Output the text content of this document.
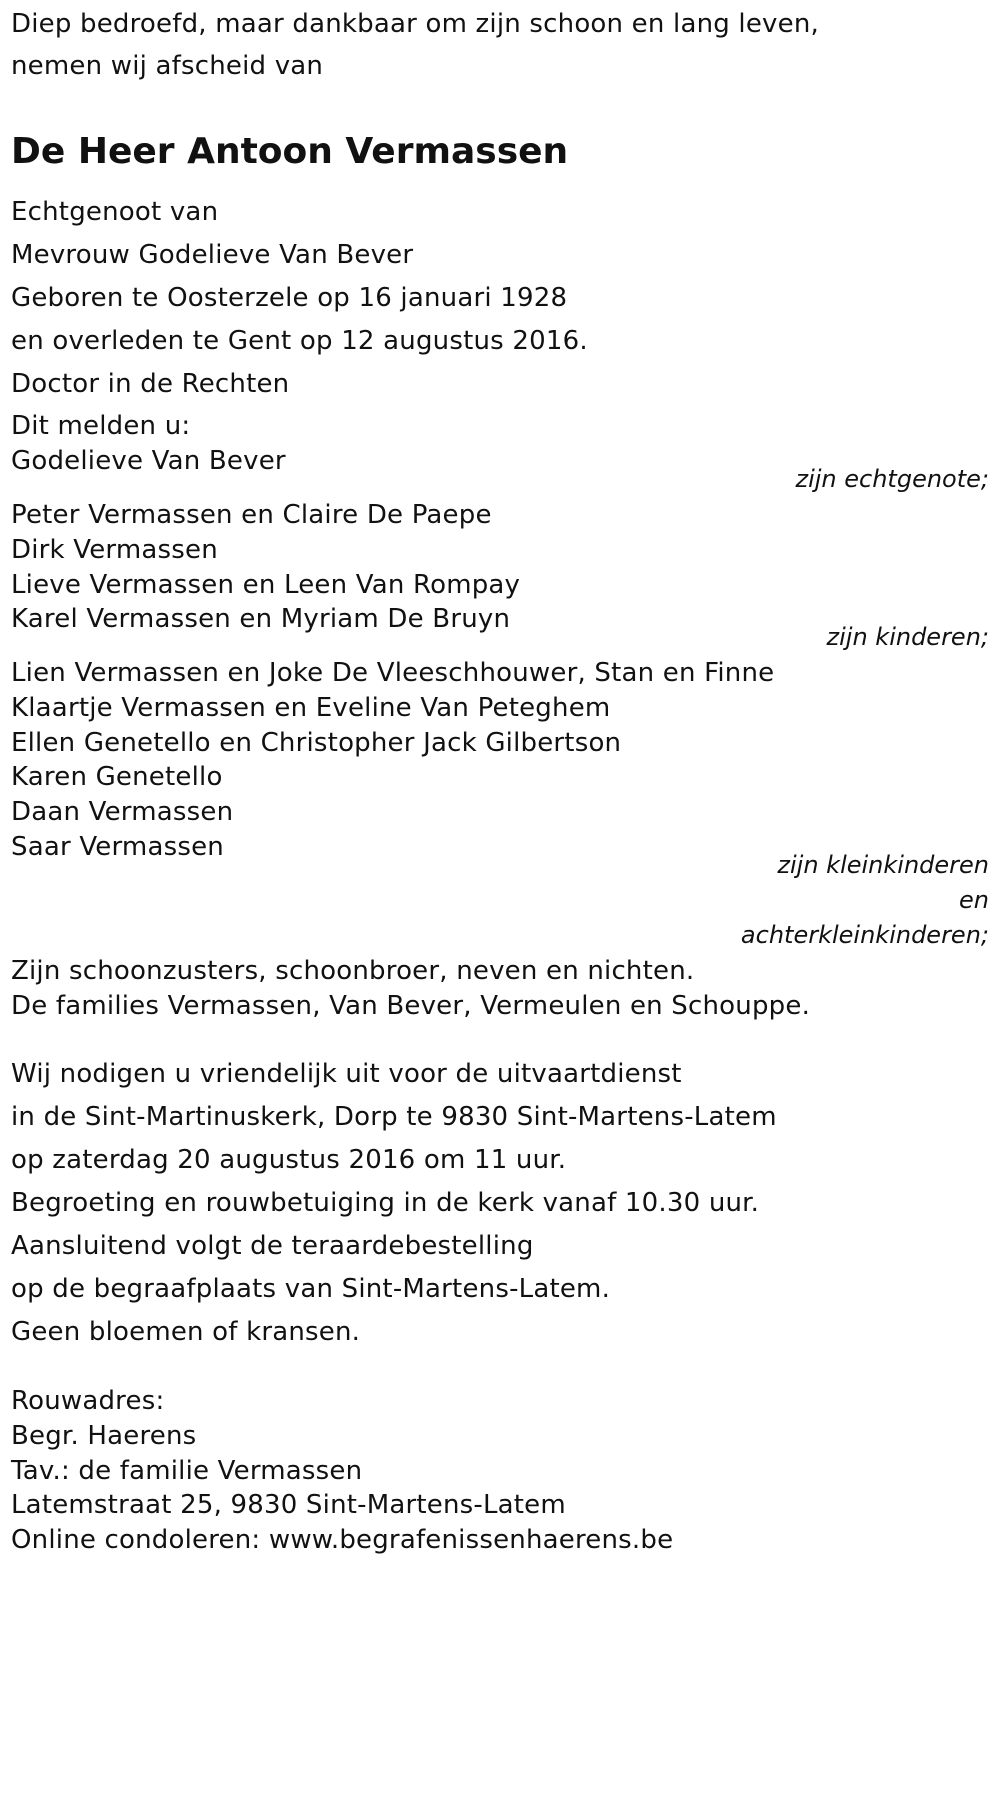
Diep bedroefd, maar dankbaar om zijn schoon en lang leven,
nemen wij afscheid van
De Heer Antoon Vermassen
Echtgenoot van
Mevrouw Godelieve Van Bever
Geboren te Oosterzele op 16 januari 1928
en overleden te Gent op 12 augustus 2016.
Doctor in de Rechten
Dit melden u:
Godelieve Van Bever
zijn echtgenote;
Peter Vermassen en Claire De Paepe
Dirk Vermassen
Lieve Vermassen en Leen Van Rompay
Karel Vermassen en Myriam De Bruyn
zijn kinderen;
Lien Vermassen en Joke De Vleeschhouwer, Stan en Finne
Klaartje Vermassen en Eveline Van Peteghem
Ellen Genetello en Christopher Jack Gilbertson
Karen Genetello
Daan Vermassen
Saar Vermassen
zijn kleinkinderen
en
achterkleinkinderen;
Zijn schoonzusters, schoonbroer, neven en nichten.
De families Vermassen, Van Bever, Vermeulen en Schouppe.
Wij nodigen u vriendelijk uit voor de uitvaartdienst
in de Sint-Martinuskerk, Dorp te 9830 Sint-Martens-Latem
op zaterdag 20 augustus 2016 om 11 uur.
Begroeting en rouwbetuiging in de kerk vanaf 10.30 uur.
Aansluitend volgt de teraardebestelling
op de begraafplaats van Sint-Martens-Latem.
Geen bloemen of kransen.
Rouwadres:
Begr. Haerens
Tav.: de familie Vermassen
Latemstraat 25, 9830 Sint-Martens-Latem
Online condoleren: www.begrafenissenhaerens.be
